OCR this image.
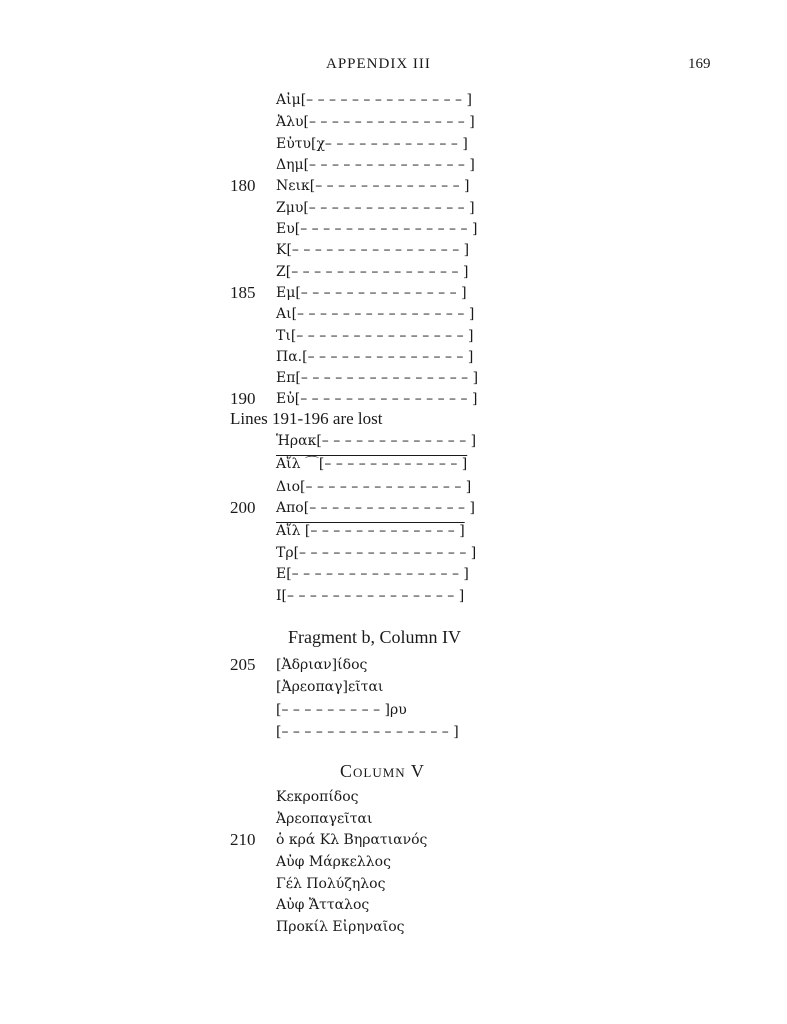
APPENDIX III	169
Αἰμ[– – – – – – – – – – – – – – ]
Ἀλυ[– – – – – – – – – – – – – – ]
Εὐτυ[χ– – – – – – – – – – – – ]
Δημ[– – – – – – – – – – – – – – ]
180	Νεικ[– – – – – – – – – – – – – ]
Ζμυ[– – – – – – – – – – – – – – ]
Ευ[– – – – – – – – – – – – – – – ]
Κ[– – – – – – – – – – – – – – – ]
Ζ[– – – – – – – – – – – – – – – ]
185	Εμ[– – – – – – – – – – – – – – ]
Αι[– – – – – – – – – – – – – – – ]
Τι[– – – – – – – – – – – – – – – ]
Πα.[– – – – – – – – – – – – – – ]
Επ[– – – – – – – – – – – – – – – ]
190	Εὐ[– – – – – – – – – – – – – – – ]
Lines 191-196 are lost
Ἡρακ[– – – – – – – – – – – – – ]
Αἴλ ⌒[– – – – – – – – – – – – ]
Διο[– – – – – – – – – – – – – – ]
200	Απο[– – – – – – – – – – – – – – ]
Αἴλ [– – – – – – – – – – – – – ]
Τρ[– – – – – – – – – – – – – – – ]
Ε[– – – – – – – – – – – – – – – ]
Ι[– – – – – – – – – – – – – – – ]
Fragment b, Column IV
205	[Ἀδριαν]ίδος
[Ἀρεοπαγ]εῖται
[– – – – – – – – – ]ρυ
[– – – – – – – – – – – – – – – ]
Column V
Κεκροπίδος
Ἀρεοπαγεῖται
210	ὁ κρά Κλ Βηρατιανός
Αὐφ Μάρκελλος
Γέλ Πολύζηλος
Αὐφ Ἄτταλος
Προκίλ Εἰρηναῖος
